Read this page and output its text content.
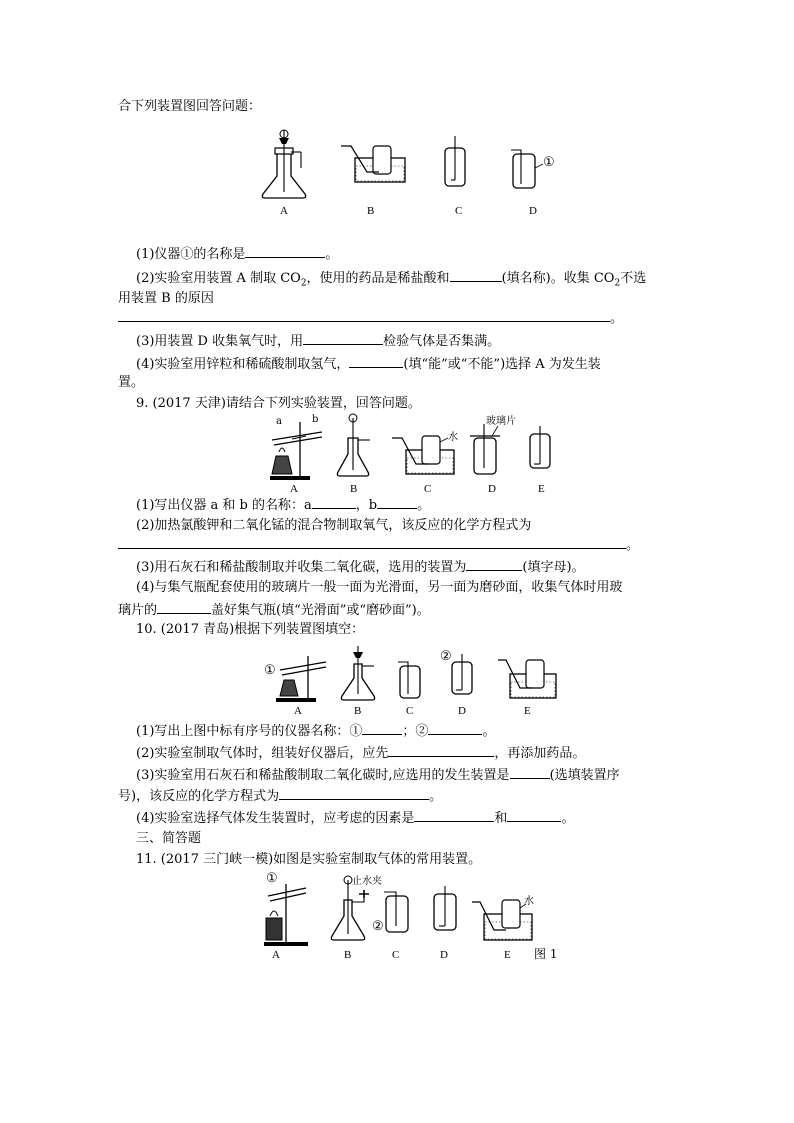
合下列装置图回答问题：
A	B	C
①
D
(1)仪器①的名称是	。
(2)实验室用装置 A 制取 $CO_2$，使用的药品是稀盐酸和	(填名称)。收集 $CO_2$不选
用装置 B 的原因
。
(3)用装置 D 收集氧气时，用	检验气体是否集满。
(4)实验室用锌粒和稀硫酸制取氢气，	(填“能”或“不能”)选择 A 为发生装
置。
9. (2017 天津)请结合下列实验装置，回答问题。
a	b
A	B
水
C
玻璃片
D	E
(1)写出仪器 a 和 b 的名称：a	，b	。
(2)加热氯酸钾和二氧化锰的混合物制取氧气，该反应的化学方程式为
。
(3)用石灰石和稀盐酸制取并收集二氧化碳，选用的装置为	(填字母)。
(4)与集气瓶配套使用的玻璃片一般一面为光滑面，另一面为磨砂面，收集气体时用玻
璃片的	盖好集气瓶(填“光滑面”或“磨砂面”)。
10. (2017 青岛)根据下列装置图填空：
①
A	B	C
②
D	E
(1)写出上图中标有序号的仪器名称：①	；②	。
(2)实验室制取气体时，组装好仪器后，应先	，再添加药品。
(3)实验室用石灰石和稀盐酸制取二氧化碳时,应选用的发生装置是	(选填装置序
号)，该反应的化学方程式为	。
(4)实验室选择气体发生装置时，应考虑的因素是	和	。
三、简答题
11. (2017 三门峡一模)如图是实验室制取气体的常用装置。
①
A
止水夹
B
②
C	D
水
E 图 1
